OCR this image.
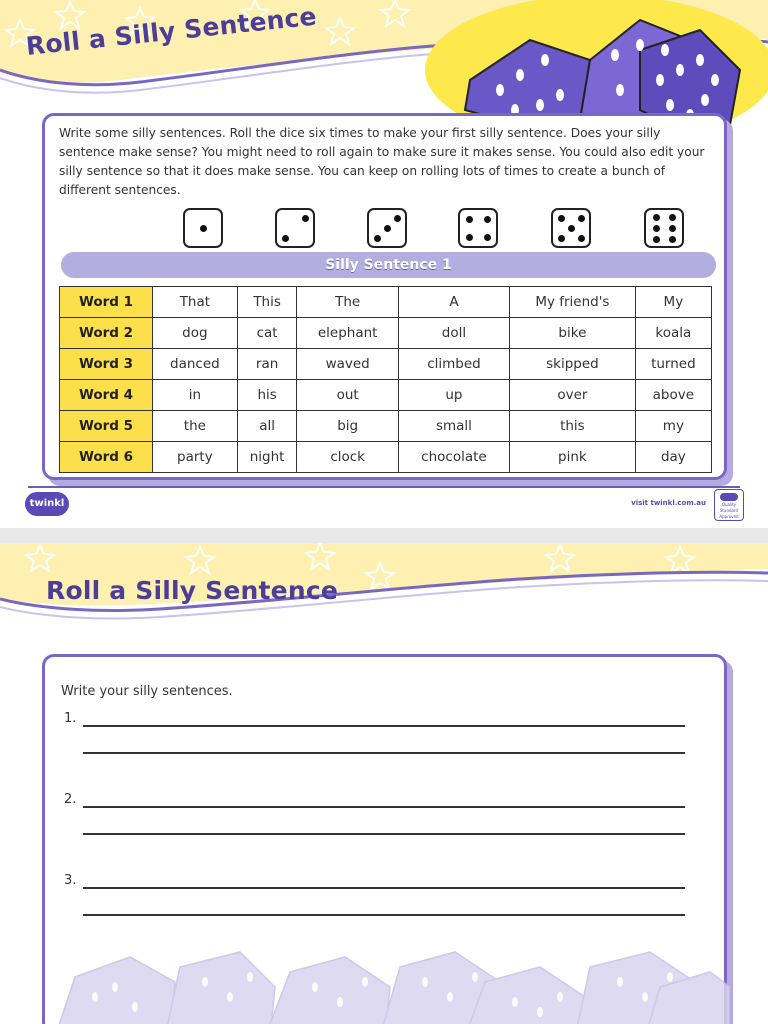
Roll a Silly Sentence

Write some silly sentences. Roll the dice six times to make your first silly sentence. Does your silly sentence make sense? You might need to roll again to make sure it makes sense. You could also edit your silly sentence so that it does make sense. You can keep on rolling lots of times to create a bunch of different sentences.

Silly Sentence 1
Word 1	That	This	The	A	My friend's	My
Word 2	dog	cat	elephant	doll	bike	koala
Word 3	danced	ran	waved	climbed	skipped	turned
Word 4	in	his	out	up	over	above
Word 5	the	all	big	small	this	my
Word 6	party	night	clock	chocolate	pink	day
twinkl	visit twinkl.com.au	Quality Standard Approved
Roll a Silly Sentence
Write your silly sentences.
1.
2.
3.
